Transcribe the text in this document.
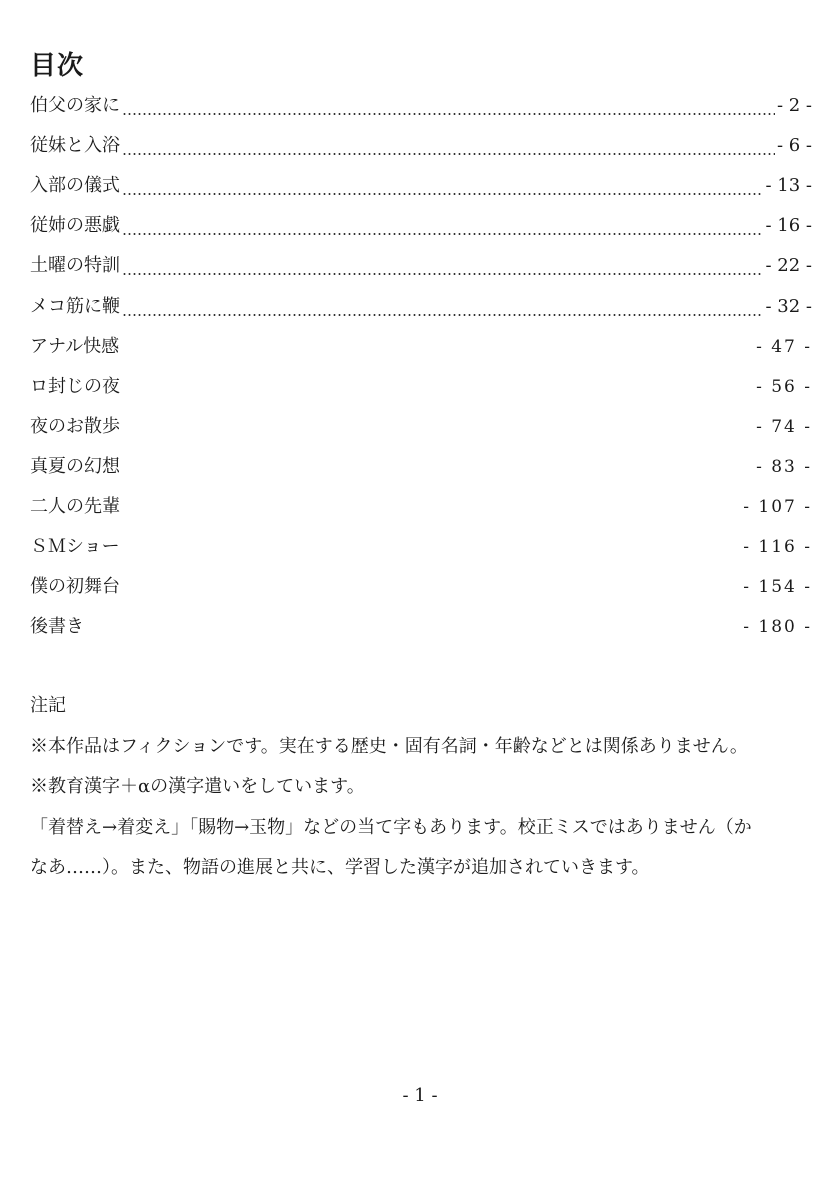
目次
伯父の家に	- 2 -
従妹と入浴	- 6 -
入部の儀式	- 13 -
従姉の悪戯	- 16 -
土曜の特訓	- 22 -
メコ筋に鞭	- 32 -
アナル快感	- 47 -
ロ封じの夜	- 56 -
夜のお散歩	- 74 -
真夏の幻想	- 83 -
二人の先輩	- 107 -
ＳＭショー	- 116 -
僕の初舞台	- 154 -
後書き	- 180 -

注記

※本作品はフィクションです。実在する歴史・固有名詞・年齢などとは関係ありません。

※教育漢字＋αの漢字遣いをしています。

「着替え→着変え」「賜物→玉物」などの当て字もあります。校正ミスではありません（か

なあ……）。また、物語の進展と共に、学習した漢字が追加されていきます。

- 1 -
